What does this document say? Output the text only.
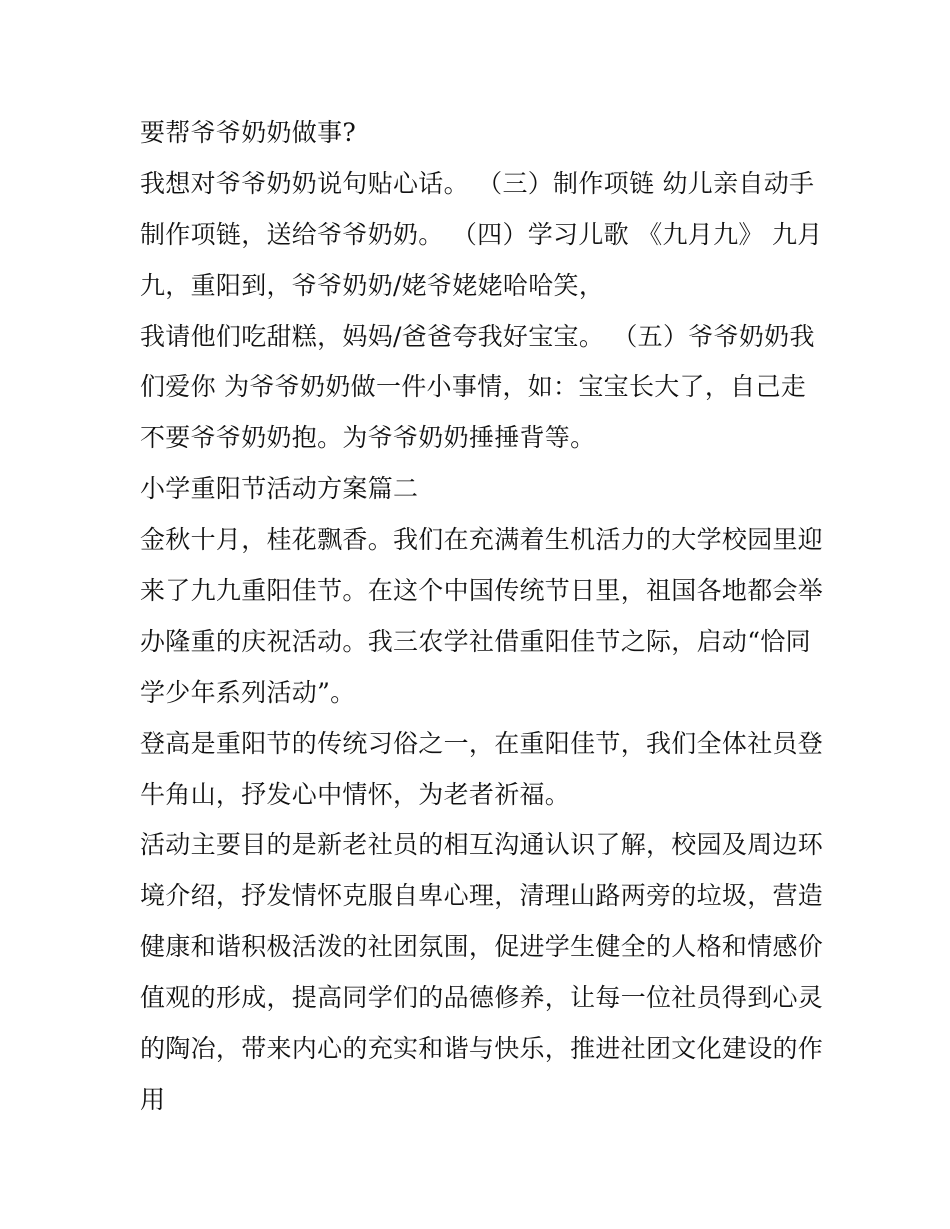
要帮爷爷奶奶做事?
我想对爷爷奶奶说句贴心话。 （三）制作项链 幼儿亲自动手
制作项链，送给爷爷奶奶。 （四）学习儿歌 《九月九》 九月
九，重阳到，爷爷奶奶/姥爷姥姥哈哈笑，
我请他们吃甜糕，妈妈/爸爸夸我好宝宝。 （五）爷爷奶奶我
们爱你 为爷爷奶奶做一件小事情，如：宝宝长大了，自己走
不要爷爷奶奶抱。为爷爷奶奶捶捶背等。
小学重阳节活动方案篇二
金秋十月，桂花飘香。我们在充满着生机活力的大学校园里迎
来了九九重阳佳节。在这个中国传统节日里，祖国各地都会举
办隆重的庆祝活动。我三农学社借重阳佳节之际，启动“恰同
学少年系列活动”。
登高是重阳节的传统习俗之一，在重阳佳节，我们全体社员登
牛角山，抒发心中情怀，为老者祈福。
活动主要目的是新老社员的相互沟通认识了解，校园及周边环
境介绍，抒发情怀克服自卑心理，清理山路两旁的垃圾，营造
健康和谐积极活泼的社团氛围，促进学生健全的人格和情感价
值观的形成，提高同学们的品德修养，让每一位社员得到心灵
的陶冶，带来内心的充实和谐与快乐，推进社团文化建设的作
用
